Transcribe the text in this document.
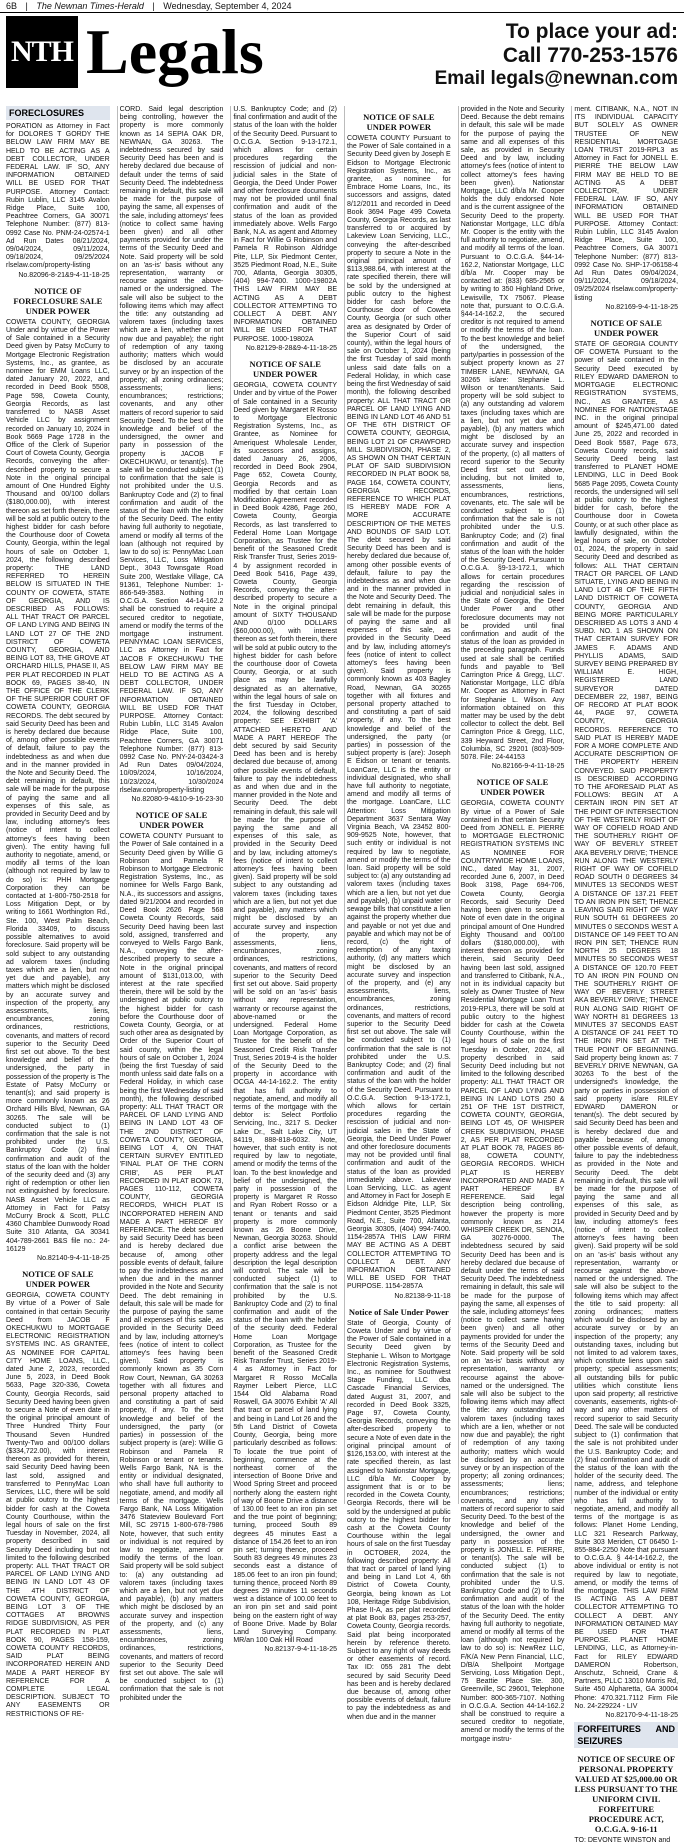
6B | The Newnan Times-Herald | Wednesday, September 4, 2024
NTH Legals	To place your ad:
Call 770-253-1576
Email legals@newnan.com
FORECLOSURES

PORATION as Attorney in Fact for DOLORES T GORDY THE BELOW LAW FIRM MAY BE HELD TO BE ACTING AS A DEBT COLLECTOR, UNDER FEDERAL LAW. IF SO, ANY INFORMATION OBTAINED WILL BE USED FOR THAT PURPOSE. Attorney Contact: Rubin Lublin, LLC 3145 Avalon Ridge Place, Suite 100, Peachtree Corners, GA 30071 Telephone Number: (877) 813-0992 Case No. PNM-24-02574-1 Ad Run Dates 08/21/2024, 09/04/2024, 09/11/2024, 09/18/2024, 09/25/2024 rlselaw.com/property-listing

No.82096-8-21&9-4-11-18-25
NOTICE OF FORECLOSURE SALE UNDER POWER

COWETA COUNTY, GEORGIA Under and by virtue of the Power of Sale contained in a Security Deed given by Patsy McCurry to Mortgage Electronic Registration Systems, Inc., as grantee, as nominee for EMM Loans LLC, dated January 20, 2022, and recorded in Deed Book 5508, Page 598, Coweta County, Georgia Records, as last transferred to NASB Asset Vehicle LLC by assignment recorded on January 10, 2024 in Book 5669 Page 1728 in the Office of the Clerk of Superior Court of Coweta County, Georgia Records, conveying the after-described property to secure a Note in the original principal amount of One Hundred Eighty Thousand and 00/100 dollars ($180,000.00), with interest thereon as set forth therein, there will be sold at public outcry to the highest bidder for cash before the Courthouse door of Coweta County, Georgia, within the legal hours of sale on October 1, 2024, the following described property: THE LAND REFERRED TO HEREIN BELOW IS SITUATED IN THE COUNTY OF COWETA, STATE OF GEORGIA, AND IS DESCRIBED AS FOLLOWS: ALL THAT TRACT OR PARCEL OF LAND LYING AND BEING IN LAND LOT 27 OF THE 2ND DISTRICT OF COWETA COUNTY, GEORGIA, AND BEING LOT 83, THE GROVE AT ORCHARD HILLS, PHASE II, AS PER PLAT RECORDED IN PLAT BOOK 69, PAGES 38-40, IN THE OFFICE OF THE CLERK OF THE SUPERIOR COURT OF COWETA COUNTY, GEORGIA RECORDS. The debt secured by said Security Deed has been and is hereby declared due because of, among other possible events of default, failure to pay the indebtedness as and when due and in the manner provided in the Note and Security Deed. The debt remaining in default, this sale will be made for the purpose of paying the same and all expenses of this sale, as provided in Security Deed and by law, including attorney's fees (notice of intent to collect attorney's fees having been given). The entity having full authority to negotiate, amend, or modify all terms of the loan (although not required by law to do so) is: PHH Mortgage Corporation they can be contacted at 1-800-750-2518 for Loss Mitigation Dept, or by writing to 1661 Worthington Rd., Ste. 100, West Palm Beach, Florida 33409, to discuss possible alternatives to avoid foreclosure. Said property will be sold subject to any outstanding ad valorem taxes (including taxes which are a lien, but not yet due and payable), any matters which might be disclosed by an accurate survey and inspection of the property, any assessments, liens, encumbrances, zoning ordinances, restrictions, covenants, and matters of record superior to the Security Deed first set out above. To the best knowledge and belief of the undersigned, the party in possession of the property is The Estate of Patsy McCurry or tenant(s); and said property is more commonly known as 26 Orchard Hills Blvd, Newnan, GA 30265. The sale will be conducted subject to (1) confirmation that the sale is not prohibited under the U.S. Bankruptcy Code (2) final confirmation and audit of the status of the loan with the holder of the security deed and (3) any right of redemption or other lien not extinguished by foreclosure. NASB Asset Vehicle LLC as Attorney in Fact for Patsy McCurry Brock & Scott, PLLC 4360 Chamblee Dunwoody Road Suite 310 Atlanta, GA 30341 404-789-2661 B&S file no.: 24-16129

No.82140-9-4-11-18-25
NOTICE OF SALE UNDER POWER

GEORGIA, COWETA COUNTY By virtue of a Power of Sale contained in that certain Security Deed from JACOB F OKECHUKWU to MORTGAGE ELECTRONIC REGISTRATION SYSTEMS INC. AS GRANTEE, AS NOMINEE FOR CAPITAL CITY HOME LOANS, LLC., dated June 2, 2023, recorded June 5, 2023, in Deed Book 5633, Page 320-336, Coweta County, Georgia Records, said Security Deed having been given to secure a Note of even date in the original principal amount of Three Hundred Thirty Four Thousand Seven Hundred Twenty-Two and 00/100 dollars ($334,722.00), with interest thereon as provided for therein, said Security Deed having been last sold, assigned and transferred to PennyMac Loan Services, LLC, there will be sold at public outcry to the highest bidder for cash at the Coweta County Courthouse, within the legal hours of sale on the first Tuesday in November, 2024, all property described in said Security Deed including but not limited to the following described property: ALL THAT TRACT OR PARCEL OF LAND LYING AND BEING IN LAND LOT 43 OF THE 4TH DISTRICT OF COWETA COUNTY, GEORGIA, BEING LOT 3 OF THE COTTAGES AT BROWNS RIDGE SUBDIVISION, AS PER PLAT RECORDED IN PLAT BOOK 90, PAGES 158-159, COWETA COUNTY RECORDS, SAID PLAT BEING INCORPORATED HEREIN AND MADE A PART HEREOF BY REFERENCE FOR A COMPLETE LEGAL DESCRIPTION. SUBJECT TO ANY EASEMENTS OR RESTRICTIONS OF RE-

CORD. Said legal description being controlling, however the property is more commonly known as 14 SEPIA OAK DR, NEWNAN, GA 30263. The indebtedness secured by said Security Deed has been and is hereby declared due because of default under the terms of said Security Deed. The indebtedness remaining in default, this sale will be made for the purpose of paying the same, all expenses of the sale, including attorneys' fees (notice to collect same having been given) and all other payments provided for under the terms of the Security Deed and Note. Said property will be sold on an 'as-is' basis without any representation, warranty or recourse against the above-named or the undersigned. The sale will also be subject to the following items which may affect the title: any outstanding ad valorem taxes (including taxes which are a lien, whether or not now due and payable); the right of redemption of any taxing authority; matters which would be disclosed by an accurate survey or by an inspection of the property; all zoning ordinances; assessments; liens; encumbrances; restrictions; covenants, and any other matters of record superior to said Security Deed. To the best of the knowledge and belief of the undersigned, the owner and party in possession of the property is JACOB F OKECHUKWU, or tenant(s). The sale will be conducted subject (1) to confirmation that the sale is not prohibited under the U.S. Bankruptcy Code and (2) to final confirmation and audit of the status of the loan with the holder of the Security Deed. The entity having full authority to negotiate, amend or modify all terms of the loan (although not required by law to do so) is: PennyMac Loan Services, LLC, Loss Mitigation Dept., 3043 Townsgate Road Suite 200, Westlake Village, CA 91361, Telephone Number: 1-866-549-3583. Nothing in O.C.G.A. Section 44-14-162.2 shall be construed to require a secured creditor to negotiate, amend or modify the terms of the mortgage instrument. PENNYMAC LOAN SERVICES, LLC as Attorney in Fact for JACOB F OKECHUKWU THE BELOW LAW FIRM MAY BE HELD TO BE ACTING AS A DEBT COLLECTOR, UNDER FEDERAL LAW. IF SO, ANY INFORMATION OBTAINED WILL BE USED FOR THAT PURPOSE. Attorney Contact: Rubin Lublin, LLC 3145 Avalon Ridge Place, Suite 100, Peachtree Corners, GA 30071 Telephone Number: (877) 813-0992 Case No. PNY-24-03424-3 Ad Run Dates 09/04/2024, 10/09/2024, 10/16/2024, 10/23/2024, 10/30/2024 rlselaw.com/property-listing

No.82080-9-4&10-9-16-23-30
NOTICE OF SALE UNDER POWER

COWETA COUNTY Pursuant to the Power of Sale contained in a Security Deed given by Willie G Robinson and Pamela R Robinson to Mortgage Electronic Registration Systems, Inc., as nominee for Wells Fargo Bank, N.A., its successors and assigns, dated 9/21/2004 and recorded in Deed Book 2626 Page 568 Coweta County Records, said Security Deed having been last sold, assigned, transferred and conveyed to Wells Fargo Bank, N.A., conveying the after-described property to secure a Note in the original principal amount of $131,013.00, with interest at the rate specified therein, there will be sold by the undersigned at public outcry to the highest bidder for cash before the Courthouse door of Coweta County, Georgia, or at such other area as designated by Order of the Superior Court of said county, within the legal hours of sale on October 1, 2024 (being the first Tuesday of said month unless said date falls on a Federal Holiday, in which case being the first Wednesday of said month), the following described property: ALL THAT TRACT OR PARCEL OF LAND LYING AND BEING IN LAND LOT 43 OF THE 2ND DISTRICT OF COWETA COUNTY, GEORGIA, BEING LOT 4, ON THAT CERTAIN SURVEY ENTITLED 'FINAL PLAT OF THE CORN CRIB', AS PER PLAT RECORDED IN PLAT BOOK 73, PAGES 110-112, COWETA COUNTY, GEORGIA RECORDS, WHICH PLAT IS INCORPORATED HEREIN AND MADE A PART HEREOF BY REFERENCE. The debt secured by said Security Deed has been and is hereby declared due because of, among other possible events of default, failure to pay the indebtedness as and when due and in the manner provided in the Note and Security Deed. The debt remaining in default, this sale will be made for the purpose of paying the same and all expenses of this sale, as provided in the Security Deed and by law, including attorney's fees (notice of intent to collect attorney's fees having been given). Said property is commonly known as 35 Corn Row Court, Newnan, GA 30263 together with all fixtures and personal property attached to and constituting a part of said property, if any. To the best knowledge and belief of the undersigned, the party (or parties) in possession of the subject property is (are): Willie G Robinson and Pamela R Robinson or tenant or tenants. Wells Fargo Bank, NA is the entity or individual designated, who shall have full authority to negotiate, amend, and modify all terms of the mortgage. Wells Fargo Bank, NA Loss Mitigation 3476 Stateview Boulevard Fort Mill, SC 29715 1-800-678-7986 Note, however, that such entity or individual is not required by law to negotiate, amend or modify the terms of the loan. Said property will be sold subject to: (a) any outstanding ad valorem taxes (including taxes which are a lien, but not yet due and payable), (b) any matters which might be disclosed by an accurate survey and inspection of the property, and (c) any assessments, liens, encumbrances, zoning ordinances, restrictions, covenants, and matters of record superior to the Security Deed first set out above. The sale will be conducted subject to (1) confirmation that the sale is not prohibited under the

U.S. Bankruptcy Code; and (2) final confirmation and audit of the status of the loan with the holder of the Security Deed. Pursuant to O.C.G.A. Section 9-13-172.1, which allows for certain procedures regarding the rescission of judicial and non-judicial sales in the State of Georgia, the Deed Under Power and other foreclosure documents may not be provided until final confirmation and audit of the status of the loan as provided immediately above. Wells Fargo Bank, N.A. as agent and Attorney in Fact for Willie G Robinson and Pamela R Robinson Aldridge Pite, LLP, Six Piedmont Center, 3525 Piedmont Road, N.E., Suite 700, Atlanta, Georgia 30305, (404) 994-7400. 1000-19802A THIS LAW FIRM MAY BE ACTING AS A DEBT COLLECTOR ATTEMPTING TO COLLECT A DEBT. ANY INFORMATION OBTAINED WILL BE USED FOR THAT PURPOSE. 1000-19802A

No.82129-8-28&9-4-11-18-25
NOTICE OF SALE UNDER POWER

GEORGIA, COWETA COUNTY Under and by virtue of the Power of Sale contained in a Security Deed given by Margaret R Rosso to Mortgage Electronic Registration Systems, Inc., as Grantee, as Nominee for Ameriquest Wholesale Lender, its successors and assigns, dated January 26, 2006, recorded in Deed Book 2904, Page 652, Coweta County, Georgia Records and as modified by that certain Loan Modification Agreement recorded in Deed Book 4286, Page 260, Coweta County, Georgia Records, as last transferred to Federal Home Loan Mortgage Corporation, as Trustee for the benefit of the Seasoned Credit Risk Transfer Trust, Series 2019-4 by assignment recorded in Deed Book 5416, Page 439, Coweta County, Georgia Records, conveying the after-described property to secure a Note in the original principal amount of SIXTY THOUSAND AND 0/100 DOLLARS ($60,000.00), with interest thereon as set forth therein, there will be sold at public outcry to the highest bidder for cash before the courthouse door of Coweta County, Georgia, or at such place as may be lawfully designated as an alternative, within the legal hours of sale on the first Tuesday in October, 2024, the following described property: SEE EXHIBIT 'A' ATTACHED HERETO AND MADE A PART HEREOF The debt secured by said Security Deed has been and is hereby declared due because of, among other possible events of default, failure to pay the indebtedness as and when due and in the manner provided in the Note and Security Deed. The debt remaining in default, this sale will be made for the purpose of paying the same and all expenses of this sale, as provided in the Security Deed and by law, including attorney's fees (notice of intent to collect attorney's fees having been given). Said property will be sold subject to any outstanding ad valorem taxes (including taxes which are a lien, but not yet due and payable), any matters which might be disclosed by an accurate survey and inspection of the property, any assessments, liens, encumbrances, zoning ordinances, restrictions, covenants, and matters of record superior to the Security Deed first set out above. Said property will be sold on an 'as-is' basis without any representation, warranty or recourse against the above-named or the undersigned. Federal Home Loan Mortgage Corporation, as Trustee for the benefit of the Seasoned Credit Risk Transfer Trust, Series 2019-4 is the holder of the Security Deed to the property in accordance with OCGA 44-14-162.2. The entity that has full authority to negotiate, amend, and modify all terms of the mortgage with the debtor is: Select Portfolio Servicing, Inc., 3217 S. Decker Lake Dr., Salt Lake City, UT 84119, 888-818-6032. Note, however, that such entity is not required by law to negotiate, amend or modify the terms of the loan. To the best knowledge and belief of the undersigned, the party in possession of the property is Margaret R Rosso and Ryan Robert Rosso or a tenant or tenants and said property is more commonly known as 26 Boone Drive, Newnan, Georgia 30263. Should a conflict arise between the property address and the legal description the legal description will control. The sale will be conducted subject (1) to confirmation that the sale is not prohibited by the U.S. Bankruptcy Code and (2) to final confirmation and audit of the status of the loan with the holder of the security deed. Federal Home Loan Mortgage Corporation, as Trustee for the benefit of the Seasoned Credit Risk Transfer Trust, Series 2019-4 as Attorney in Fact for Margaret R Rosso McCalla Raymer Leibert Pierce, LLC 1544 Old Alabama Road Roswell, GA 30076 Exhibit 'A' All that tract or parcel of land lying and being in Land Lot 26 and the 5th Land District of Coweta County, Georgia, being more particularly described as follows: To locate the true point of beginning, commence at the northeast corner of the intersection of Boone Drive and Wood Spring Street and proceed northerly along the eastern right of way of Boone Drive a distance of 130.00 feet to an iron pin set and the true point of beginning; turning, proceed South 89 degrees 45 minutes East a distance of 154.26 feet to an iron pin set; turning thence, proceed South 83 degrees 49 minutes 23 seconds east a distance of 185.06 feet to an iron pin found; turning thence, proceed North 89 degrees 29 minutes 11 seconds west a distance of 100.00 feet to an iron pin set and said point being on the eastern right of way of Boone Drive. Made by Bolar Land Surveying Company. MR/an 100 Oak Hill Road

No.82137-9-4-11-18-25
NOTICE OF SALE UNDER POWER

COWETA COUNTY Pursuant to the Power of Sale contained in a Security Deed given by Joseph E Eidson to Mortgage Electronic Registration Systems, Inc., as grantee, as nominee for Embrace Home Loans, Inc., its successors and assigns, dated 8/12/2011 and recorded in Deed Book 3694 Page 499 Coweta County, Georgia Records, as last transferred to or acquired by Lakeview Loan Servicing, LLC., conveying the after-described property to secure a Note in the original principal amount of $113,988.64, with interest at the rate specified therein, there will be sold by the undersigned at public outcry to the highest bidder for cash before the Courthouse door of Coweta County, Georgia (or such other area as designated by Order of the Superior Court of said county), within the legal hours of sale on October 1, 2024 (being the first Tuesday of said month unless said date falls on a Federal Holiday, in which case being the first Wednesday of said month), the following described property: ALL THAT TRACT OR PARCEL OF LAND LYING AND BEING IN LAND LOT 46 AND 51 OF THE 6TH DISTRICT OF COWETA COUNTY, GEORGIA, BEING LOT 21 OF CRAWFORD MILL SUBDIVISION, PHASE 2, AS SHOWN ON THAT CERTAIN PLAT OF SAID SUBDIVISION RECORDED IN PLAT BOOK 58, PAGE 164, COWETA COUNTY, GEORGIA RECORDS, REFERENCE TO WHICH PLAT IS HEREBY MADE FOR A MORE ACCURATE DESCRIPTION OF THE METES AND BOUNDS OF SAID LOT. The debt secured by said Security Deed has been and is hereby declared due because of, among other possible events of default, failure to pay the indebtedness as and when due and in the manner provided in the Note and Security Deed. The debt remaining in default, this sale will be made for the purpose of paying the same and all expenses of this sale, as provided in the Security Deed and by law, including attorney's fees (notice of intent to collect attorney's fees having been given). Said property is commonly known as 403 Bagley Road, Newnan, GA 30265 together with all fixtures and personal property attached to and constituting a part of said property, if any. To the best knowledge and belief of the undersigned, the party (or parties) in possession of the subject property is (are): Joseph E Eidson or tenant or tenants. LoanCare, LLC is the entity or individual designated, who shall have full authority to negotiate, amend and modify all terms of the mortgage. LoanCare, LLC Attention: Loss Mitigation Department 3637 Sentara Way Virginia Beach, VA 23452 800-909-9525 Note, however, that such entity or individual is not required by law to negotiate, amend or modify the terms of the loan. Said property will be sold subject to: (a) any outstanding ad valorem taxes (including taxes which are a lien, but not yet due and payable), (b) unpaid water or sewage bills that constitute a lien against the property whether due and payable or not yet due and payable and which may not be of record, (c) the right of redemption of any taxing authority, (d) any matters which might be disclosed by an accurate survey and inspection of the property, and (e) any assessments, liens, encumbrances, zoning ordinances, restrictions, covenants, and matters of record superior to the Security Deed first set out above. The sale will be conducted subject to (1) confirmation that the sale is not prohibited under the U.S. Bankruptcy Code; and (2) final confirmation and audit of the status of the loan with the holder of the Security Deed. Pursuant to O.C.G.A. Section 9-13-172.1, which allows for certain procedures regarding the rescission of judicial and non-judicial sales in the State of Georgia, the Deed Under Power and other foreclosure documents may not be provided until final confirmation and audit of the status of the loan as provided immediately above. Lakeview Loan Servicing, LLC. as agent and Attorney in Fact for Joseph E Eidson Aldridge Pite, LLP, Six Piedmont Center, 3525 Piedmont Road, N.E., Suite 700, Atlanta, Georgia 30305, (404) 994-7400. 1154-2857A THIS LAW FIRM MAY BE ACTING AS A DEBT COLLECTOR ATTEMPTING TO COLLECT A DEBT. ANY INFORMATION OBTAINED WILL BE USED FOR THAT PURPOSE. 1154-2857A

No.82138-9-11-18
Notice of Sale Under Power

State of Georgia, County of Coweta Under and by virtue of the Power of Sale contained in a Security Deed given by Stephanie L. Wilson to Mortgage Electronic Registration Systems, Inc., as nominee for Southwest Stage Funding, LLC dba Cascade Financial Services, dated August 31, 2007, and recorded in Deed Book 3325, Page 97, Coweta County, Georgia Records, conveying the after-described property to secure a Note of even date in the original principal amount of $126,153.00, with interest at the rate specified therein, as last assigned to Nationstar Mortgage, LLC d/b/a Mr. Cooper by assignment that is or to be recorded in the Coweta County, Georgia Records, there will be sold by the undersigned at public outcry to the highest bidder for cash at the Coweta County Courthouse within the legal hours of sale on the first Tuesday in OCTOBER, 2024, the following described property: All that tract or parcel of land lying and being in Land Lot 4, 6th District of Coweta County, Georgia, being known as Lot 108, Heritage Ridge Subdivision, Phase II-A, as per plat recorded at plat Book 83, pages 253-257, Coweta County, Georgia records. Said plat being incorporated herein by reference thereto. Subject to any right of way deeds or other easements of record. Tax ID: 055 281 The debt secured by said Security Deed has been and is hereby declared due because of, among other possible events of default, failure to pay the indebtedness as and when due and in the manner

provided in the Note and Security Deed. Because the debt remains in default, this sale will be made for the purpose of paying the same and all expenses of this sale, as provided in Security Deed and by law, including attorney's fees (notice of intent to collect attorney's fees having been given). Nationstar Mortgage, LLC d/b/a Mr. Cooper holds the duly endorsed Note and is the current assignee of the Security Deed to the property. Nationstar Mortgage, LLC d/b/a Mr. Cooper is the entity with the full authority to negotiate, amend, and modify all terms of the loan. Pursuant to O.C.G.A. §44-14-162.2, Nationstar Mortgage, LLC d/b/a Mr. Cooper may be contacted at: (833) 685-2565 or by writing to 350 Highland Drive, Lewisville, TX 75067. Please note that, pursuant to O.C.G.A. §44-14-162.2, the secured creditor is not required to amend or modify the terms of the loan. To the best knowledge and belief of the undersigned, the party/parties in possession of the subject property known as 27 TIMBER LANE, NEWNAN, GA 30265 is/are: Stephanie L. Wilson or tenant/tenants. Said property will be sold subject to (a) any outstanding ad valorem taxes (including taxes which are a lien, but not yet due and payable), (b) any matters which might be disclosed by an accurate survey and inspection of the property, (c) all matters of record superior to the Security Deed first set out above, including, but not limited to, assessments, liens, encumbrances, restrictions, covenants, etc. The sale will be conducted subject to (1) confirmation that the sale is not prohibited under the U.S. Bankruptcy Code; and (2) final confirmation and audit of the status of the loan with the holder of the Security Deed. Pursuant to O.C.G.A. §9-13-172.1, which allows for certain procedures regarding the rescission of judicial and nonjudicial sales in the State of Georgia, the Deed Under Power and other foreclosure documents may not be provided until final confirmation and audit of the status of the loan as provided in the preceding paragraph. Funds used at sale shall be certified funds and payable to 'Bell Carrington Price & Gregg, LLC'. Nationstar Mortgage, LLC d/b/a Mr. Cooper as Attorney in Fact for Stephanie L. Wilson. Any information obtained on this matter may be used by the debt collector to collect the debt. Bell Carrington Price & Gregg, LLC, 339 Heyward Street, 2nd Floor, Columbia, SC 29201 (803)-509-5078. File: 24-44153

No.82166-9-4-11-18-25
NOTICE OF SALE UNDER POWER

GEORGIA, COWETA COUNTY By virtue of a Power of Sale contained in that certain Security Deed from JONELL E. PIERRE to MORTGAGE ELECTRONIC REGISTRATION SYSTEMS INC AS NOMINEE FOR COUNTRYWIDE HOME LOANS, INC., dated May 31, 2007, recorded June 6, 2007, in Deed Book 3198, Page 694-706, Coweta County, Georgia Records, said Security Deed having been given to secure a Note of even date in the original principal amount of One Hundred Eighty Thousand and 00/100 dollars ($180,000.00), with interest thereon as provided for therein, said Security Deed having been last sold, assigned and transferred to Citibank, N.A., not in its individual capacity but solely as Owner Trustee of New Residential Mortgage Loan Trust 2019-RPL3, there will be sold at public outcry to the highest bidder for cash at the Coweta County Courthouse, within the legal hours of sale on the first Tuesday in October, 2024, all property described in said Security Deed including but not limited to the following described property: ALL THAT TRACT OR PARCEL OF LAND LYING AND BEING IN LAND LOTS 250 & 251 OF THE 1ST DISTRICT, COWETA COUNTY, GEORGIA, BEING LOT 45, OF WHISPER CREEK SUBDIVISION, PHASE 2, AS PER PLAT RECORDED AT PLAT BOOK 78, PAGES 86-88, COWETA COUNTY, GEORGIA RECORDS. WHICH PLAT IS HEREBY INCORPORATED AND MADE A PART HEREOF BY REFERENCE. Said legal description being controlling, however the property is more commonly known as 214 WHISPER CREEK DR, SENOIA, GA 30276-0000. The indebtedness secured by said Security Deed has been and is hereby declared due because of default under the terms of said Security Deed. The indebtedness remaining in default, this sale will be made for the purpose of paying the same, all expenses of the sale, including attorneys' fees (notice to collect same having been given) and all other payments provided for under the terms of the Security Deed and Note. Said property will be sold on an 'as-is' basis without any representation, warranty or recourse against the above-named or the undersigned. The sale will also be subject to the following items which may affect the title: any outstanding ad valorem taxes (including taxes which are a lien, whether or not now due and payable); the right of redemption of any taxing authority; matters which would be disclosed by an accurate survey or by an inspection of the property; all zoning ordinances; assessments; liens; encumbrances; restrictions; covenants, and any other matters of record superior to said Security Deed. To the best of the knowledge and belief of the undersigned, the owner and party in possession of the property is JONELL E. PIERRE, or tenant(s). The sale will be conducted subject (1) to confirmation that the sale is not prohibited under the U.S. Bankruptcy Code and (2) to final confirmation and audit of the status of the loan with the holder of the Security Deed. The entity having full authority to negotiate, amend or modify all terms of the loan (although not required by law to do so) is: NewRez LLC, F/K/A New Penn Financial, LLC, D/B/A Shellpoint Mortgage Servicing, Loss Mitigation Dept., 75 Beattie Place Ste. 300, Greenville, SC 29601, Telephone Number: 800-365-7107. Nothing in O.C.G.A. Section 44-14-162.2 shall be construed to require a secured creditor to negotiate, amend or modify the terms of the mortgage instru-

ment. CITIBANK, N.A., NOT IN ITS INDIVIDUAL CAPACITY BUT SOLELY AS OWNER TRUSTEE OF NEW RESIDENTIAL MORTGAGE LOAN TRUST 2019-RPL3 as Attorney in Fact for JONELL E. PIERRE THE BELOW LAW FIRM MAY BE HELD TO BE ACTING AS A DEBT COLLECTOR, UNDER FEDERAL LAW. IF SO, ANY INFORMATION OBTAINED WILL BE USED FOR THAT PURPOSE. Attorney Contact: Rubin Lublin, LLC 3145 Avalon Ridge Place, Suite 100, Peachtree Corners, GA 30071 Telephone Number: (877) 813-0992 Case No. SHP-17-06158-4 Ad Run Dates 09/04/2024, 09/11/2024, 09/18/2024, 09/25/2024 rlselaw.com/property-listing

No.82169-9-4-11-18-25
NOTICE OF SALE UNDER POWER

STATE OF GEORGIA COUNTY OF COWETA Pursuant to the power of sale contained in the Security Deed executed by RILEY EDWARD DAMERON to MORTGAGE ELECTRONIC REGISTRATION SYSTEMS, INC., AS GRANTEE, AS NOMINEE FOR NATIONSTAGE INC. in the original principal amount of $245,471.00 dated June 25, 2022 and recorded in Deed Book 5587, Page 673, Coweta County records, said Security Deed being last transferred to PLANET HOME LENDING, LLC in Deed Book 5685 Page 2095, Coweta County records, the undersigned will sell at public outcry to the highest bidder for cash, before the Courthouse door in Coweta County, or at such other place as lawfully designated, within the legal hours of sale, on October 01, 2024, the property in said Security Deed and described as follows: ALL THAT CERTAIN TRACT OR PARCEL OF LAND SITUATE, LYING AND BEING IN LAND LOT 48 OF THE FIFTH LAND DISTRICT OF COWETA COUNTY, GEORGIA AND BEING MORE PARTICULARLY DESCRIBED AS LOTS 3 AND 4 SUBD. NO. 1 AS SHOWN ON THAT CERTAIN SURVEY FOR JAMES F. ADAMS AND PHYLLIS ADAMS, SAID SURVEY BEING PREPARED BY WILLIAM E. HIGH, REGISTERED LAND SURVEYOR DATED DECEMBER 22, 1987, BEING OF RECORD AT PLAT BOOK 44, PAGE 97, COWETA COUNTY, GEORGIA RECORDS. REFERENCE TO SAID PLAT IS HEREBY MADE FOR A MORE COMPLETE AND ACCURATE DESCRIPTION OF THE PROPERTY HEREIN CONVEYED. SAID PROPERTY IS DESCRIBED ACCORDING TO THE AFORESAID PLAT AS FOLLOWS: BEGIN AT A CERTAIN IRON PIN SET AT THE POINT OF INTERSECTION OF THE WESTERLY RIGHT OF WAY OF COFIELD ROAD AND THE SOUTHERLY RIGHT OF WAY OF BEVERLY STREET AKA BEVERLY DRIVE; THENCE RUN ALONG THE WESTERLY RIGHT OF WAY OF COFIELD ROAD SOUTH 0 DEGREES 34 MINUTES 13 SECONDS WEST A DISTANCE OF 137.21 FEET TO AN IRON PIN SET; THENCE LEAVING SAID RIGHT OF WAY RUN SOUTH 61 DEGREES 20 MINUTES 0 SECONDS WEST A DISTANCE OF 149 FEET TO AN IRON PIN SET; THENCE RUN NORTH 25 DEGREES 18 MINUTES 50 SECONDS WEST A DISTANCE OF 120.70 FEET TO AN IRON PIN FOUND ON THE SOUTHERLY RIGHT OF WAY OF BEVERLY STREET AKA BEVERLY DRIVE; THENCE RUN ALONG SAID RIGHT OF WAY NORTH 81 DEGREES 13 MINUTES 37 SECONDS EAST A DISTANCE OF 241 FEET TO THE IRON PIN SET AT THE TRUE POINT OF BEGINNING. Said property being known as: 7 BEVERLY DRIVE NEWNAN, GA 30263 To the best of the undersigned's knowledge, the party or parties in possession of said property is/are RILEY EDWARD DAMERON or tenant(s). The debt secured by said Security Deed has been and is hereby declared due and payable because of, among other possible events of default, failure to pay the indebtedness as provided in the Note and Security Deed. The debt remaining in default, this sale will be made for the purpose of paying the same and all expenses of this sale, as provided in Security Deed and by law, including attorney's fees (notice of intent to collect attorney's fees having been given). Said property will be sold on an 'as-is' basis without any representation, warranty or recourse against the above-named or the undersigned. The sale will also be subject to the following items which may affect the title to said property: all zoning ordinances; matters which would be disclosed by an accurate survey or by an inspection of the property; any outstanding taxes, including but not limited to ad valorem taxes, which constitute liens upon said property; special assessments; all outstanding bills for public utilities which constitute liens upon said property; all restrictive covenants, easements, rights-of-way and any other matters of record superior to said Security Deed. The sale will be conducted subject to (1) confirmation that the sale is not prohibited under the U.S. Bankruptcy Code; and (2) final confirmation and audit of the status of the loan with the holder of the security deed. The name, address, and telephone number of the individual or entity who has full authority to negotiate, amend, and modify all terms of the mortgage is as follows: Planet Home Lending, LLC 321 Research Parkway, Suite 303 Meriden, CT 06450 1-855-884-2250 Note that pursuant to O.C.G.A. § 44-14-162.2, the above individual or entity is not required by law to negotiate, amend, or modify the terms of the mortgage. THIS LAW FIRM IS ACTING AS A DEBT COLLECTOR ATTEMPTING TO COLLECT A DEBT. ANY INFORMATION OBTAINED MAY BE USED FOR THAT PURPOSE. PLANET HOME LENDING, LLC, as Attorney-in-Fact for RILEY EDWARD DAMERON Robertson, Anschutz, Schneid, Crane & Partners, PLLC 13010 Morris Rd, Suite 450 Alpharetta, GA 30004 Phone: 470.321.7112 Firm File No. 24-229224 - LIV

No.82170-9-4-11-18-25
FORFEITURES AND SEIZURES
NOTICE OF SECURE OF PERSONAL PROPERTY VALUED AT $25,000.00 OR LESS PURSUANT TO THE UNIFORM CIVIL FORFEITURE PROCEDURE ACT, O.C.G.A. 9-16-11

TO: DEVONTE WINSTON and
